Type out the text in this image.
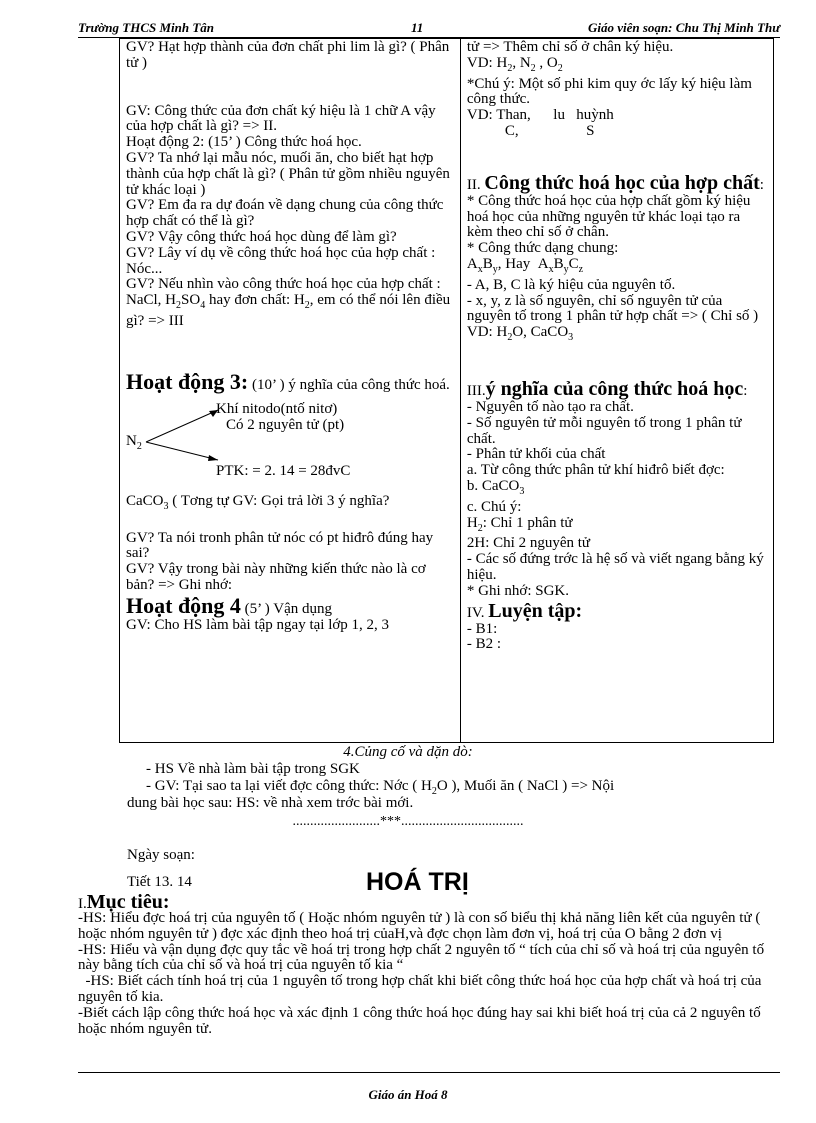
Trường THCS Minh Tân	11	Giáo viên soạn: Chu Thị Minh Thư
GV? Hạt hợp thành của đơn chất phi lim là gì? ( Phân tử )
GV: Công thức của đơn chất ký hiệu là 1 chữ A vậy của hợp chất là gì? => II.
Hoạt động 2: (15’ ) Công thức hoá học.
GV? Ta nhớ lại mẫu nóc, muối ăn, cho biết hạt hợp thành của hợp chất là gì? ( Phân tử gồm nhiều nguyên tử khác loại )
GV? Em đa ra dự đoán về dạng chung của công thức hợp chất có thể là gì?
GV? Vậy công thức hoá học dùng để làm gì?
GV? Lây ví dụ về công thức hoá học của hợp chất : Nóc...
GV? Nếu nhìn vào công thức hoá học của hợp chất : NaCl, $H_2SO_4$ hay đơn chất: $H_2$, em có thể nói lên điều gì? => III
Hoạt động 3: (10’ ) ý nghĩa của công thức hoá.
$N_2$
Khí nitodo(ntố nitơ)
Có 2 nguyên tử (pt)
PTK: = 2. 14 = 28đvC
CaCO$_3$ ( Tơng tự GV: Gọi trả lời 3 ý nghĩa?
GV? Ta nói tronh phân tử nóc có pt hiđrô đúng hay sai?
GV? Vậy trong bài này những kiến thức nào là cơ bản? => Ghi nhớ:
Hoạt động 4 (5’ ) Vận dụng
GV: Cho HS làm bài tập ngay tại lớp 1, 2, 3

tử => Thêm chỉ số ở chân ký hiệu.
VD: $H_2$, $N_2$ , $O_2$
*Chú ý: Một số phi kim quy ớc lấy ký hiệu làm công thức.
VD: Than,      lu   huỳnh
C,                  S
II. Công thức hoá học của hợp chất:
* Công thức hoá học của hợp chất gồm ký hiệu hoá học của những nguyên tử khác loại tạo ra kèm theo chỉ số ở chân.
* Công thức dạng chung:
$A_xB_y$, Hay  $A_xB_yC_z$
- A, B, C là ký hiệu của nguyên tố.
- x, y, z là số nguyên, chỉ số nguyên tử của nguyên tố trong 1 phân tử hợp chất => ( Chỉ số )
VD: $H_2O$, CaCO$_3$
III.ý nghĩa của công thức hoá học:
- Nguyên tố nào tạo ra chất.
- Số nguyên tử mỗi nguyên tố trong 1 phân tử chất.
- Phân tử khối của chất
a. Từ công thức phân tử khí hiđrô biết đợc:
b. CaCO$_3$
c. Chú ý:
$H_2$: Chỉ 1 phân tử
2H: Chỉ 2 nguyên tử
- Các số đứng trớc là hệ số và viết ngang bằng ký hiệu.
* Ghi nhớ: SGK.
IV. Luyện tập:
- B1:
- B2 :
4.Củng cố và dặn dò:
- HS Về nhà làm bài tập trong SGK
- GV: Tại sao ta lại viết đợc công thức: Nớc ( $H_2O$ ), Muối ăn ( NaCl ) => Nội
dung bài học sau: HS: về nhà xem trớc bài mới.
.........................***...................................
Ngày soạn:
Tiết 13. 14	HOÁ TRỊ
I.Mục tiêu:
-HS: Hiểu đợc hoá trị của nguyên tố ( Hoặc nhóm nguyên tử ) là con số biểu thị khả năng liên kết của nguyên tử ( hoặc nhóm nguyên tử ) đợc xác định theo hoá trị củaH,và đợc chọn làm đơn vị, hoá trị của O bằng 2 đơn vị
-HS: Hiểu và vận dụng đợc quy tắc về hoá trị trong hợp chất 2 nguyên tố “ tích của chỉ số và hoá trị của nguyên tố này bằng tích của chỉ số và hoá trị của nguyên tố kia “
-HS: Biết cách tính hoá trị của 1 nguyên tố trong hợp chất khi biết công thức hoá học của hợp chất và hoá trị của nguyên tố kia.
-Biết cách lập công thức hoá học và xác định 1 công thức hoá học đúng hay sai khi biết hoá trị của cả 2 nguyên tố hoặc nhóm nguyên tử.
Giáo án Hoá 8
